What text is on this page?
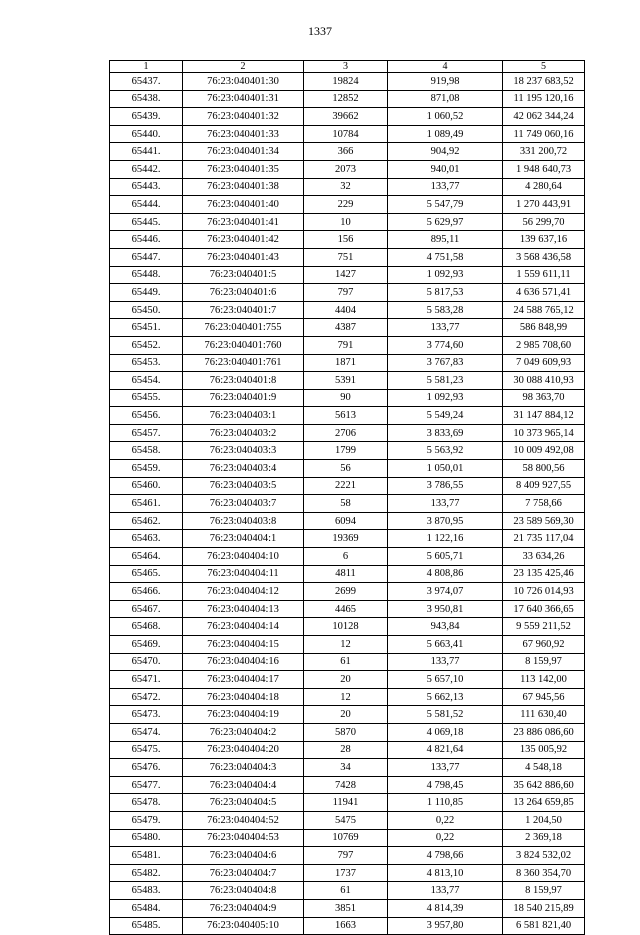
1337
1	2	3	4	5
65437.	76:23:040401:30	19824	919,98	18 237 683,52
65438.	76:23:040401:31	12852	871,08	11 195 120,16
65439.	76:23:040401:32	39662	1 060,52	42 062 344,24
65440.	76:23:040401:33	10784	1 089,49	11 749 060,16
65441.	76:23:040401:34	366	904,92	331 200,72
65442.	76:23:040401:35	2073	940,01	1 948 640,73
65443.	76:23:040401:38	32	133,77	4 280,64
65444.	76:23:040401:40	229	5 547,79	1 270 443,91
65445.	76:23:040401:41	10	5 629,97	56 299,70
65446.	76:23:040401:42	156	895,11	139 637,16
65447.	76:23:040401:43	751	4 751,58	3 568 436,58
65448.	76:23:040401:5	1427	1 092,93	1 559 611,11
65449.	76:23:040401:6	797	5 817,53	4 636 571,41
65450.	76:23:040401:7	4404	5 583,28	24 588 765,12
65451.	76:23:040401:755	4387	133,77	586 848,99
65452.	76:23:040401:760	791	3 774,60	2 985 708,60
65453.	76:23:040401:761	1871	3 767,83	7 049 609,93
65454.	76:23:040401:8	5391	5 581,23	30 088 410,93
65455.	76:23:040401:9	90	1 092,93	98 363,70
65456.	76:23:040403:1	5613	5 549,24	31 147 884,12
65457.	76:23:040403:2	2706	3 833,69	10 373 965,14
65458.	76:23:040403:3	1799	5 563,92	10 009 492,08
65459.	76:23:040403:4	56	1 050,01	58 800,56
65460.	76:23:040403:5	2221	3 786,55	8 409 927,55
65461.	76:23:040403:7	58	133,77	7 758,66
65462.	76:23:040403:8	6094	3 870,95	23 589 569,30
65463.	76:23:040404:1	19369	1 122,16	21 735 117,04
65464.	76:23:040404:10	6	5 605,71	33 634,26
65465.	76:23:040404:11	4811	4 808,86	23 135 425,46
65466.	76:23:040404:12	2699	3 974,07	10 726 014,93
65467.	76:23:040404:13	4465	3 950,81	17 640 366,65
65468.	76:23:040404:14	10128	943,84	9 559 211,52
65469.	76:23:040404:15	12	5 663,41	67 960,92
65470.	76:23:040404:16	61	133,77	8 159,97
65471.	76:23:040404:17	20	5 657,10	113 142,00
65472.	76:23:040404:18	12	5 662,13	67 945,56
65473.	76:23:040404:19	20	5 581,52	111 630,40
65474.	76:23:040404:2	5870	4 069,18	23 886 086,60
65475.	76:23:040404:20	28	4 821,64	135 005,92
65476.	76:23:040404:3	34	133,77	4 548,18
65477.	76:23:040404:4	7428	4 798,45	35 642 886,60
65478.	76:23:040404:5	11941	1 110,85	13 264 659,85
65479.	76:23:040404:52	5475	0,22	1 204,50
65480.	76:23:040404:53	10769	0,22	2 369,18
65481.	76:23:040404:6	797	4 798,66	3 824 532,02
65482.	76:23:040404:7	1737	4 813,10	8 360 354,70
65483.	76:23:040404:8	61	133,77	8 159,97
65484.	76:23:040404:9	3851	4 814,39	18 540 215,89
65485.	76:23:040405:10	1663	3 957,80	6 581 821,40
